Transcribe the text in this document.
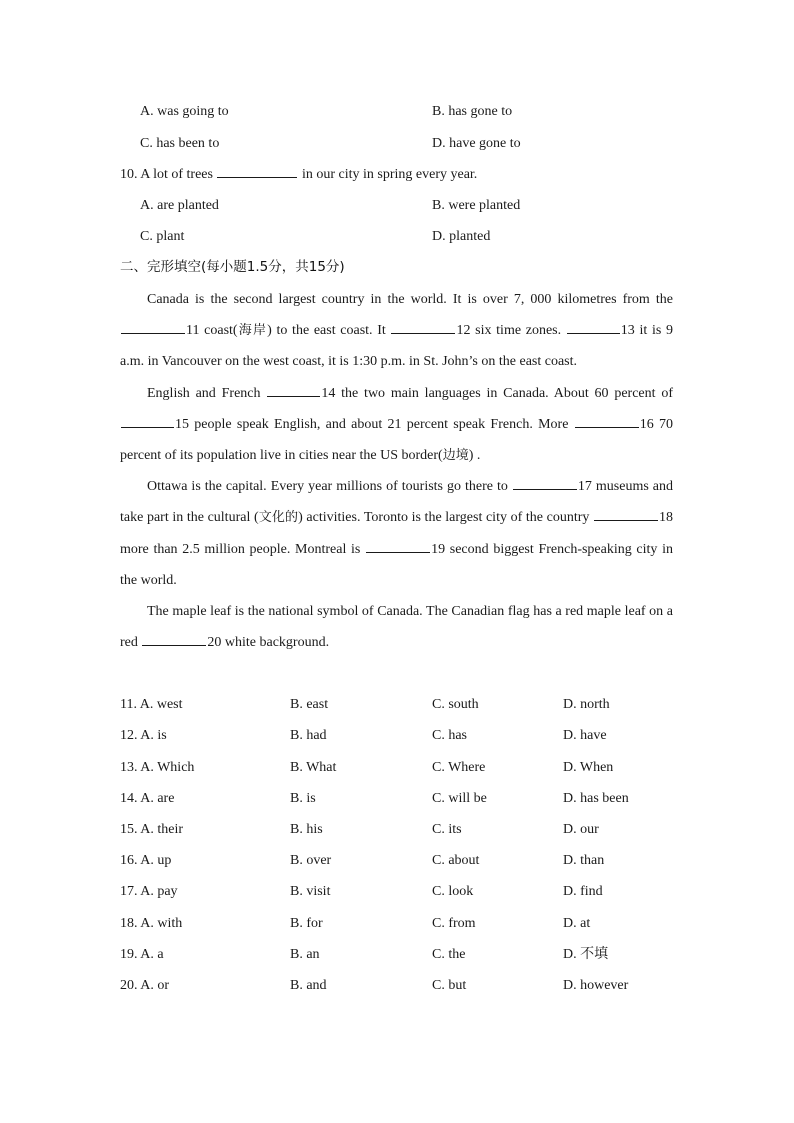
A. was going to	B. has gone to
C. has been to	D. have gone to
10. A lot of trees	in our city in spring every year.
A. are planted	B. were planted
C. plant	D. planted
二、完形填空(每小题1.5分，共15分)

Canada is the second largest country in the world. It is over 7, 000 kilometres from the 11 coast(海岸) to the east coast. It	12 six time zones.	13 it is 9 a.m. in Vancouver on the west coast, it is 1:30 p.m. in St. John’s on the east coast.

English and French	14 the two main languages in Canada. About 60 percent of 15 people speak English, and about 21 percent speak French. More	16 70 percent of its population live in cities near the US border(边境) .

Ottawa is the capital. Every year millions of tourists go there to	17 museums and take part in the cultural (文化的) activities. Toronto is the largest city of the country	18 more than 2.5 million people. Montreal is	19 second biggest French-speaking city in the world.

The maple leaf is the national symbol of Canada. The Canadian flag has a red maple leaf on a red	20 white background.

11. A. west	B. east	C. south	D. north
12. A. is	B. had	C. has	D. have
13. A. Which	B. What	C. Where	D. When
14. A. are	B. is	C. will be	D. has been
15. A. their	B. his	C. its	D. our
16. A. up	B. over	C. about	D. than
17. A. pay	B. visit	C. look	D. find
18. A. with	B. for	C. from	D. at
19. A. a	B. an	C. the	D. 不填
20. A. or	B. and	C. but	D. however
